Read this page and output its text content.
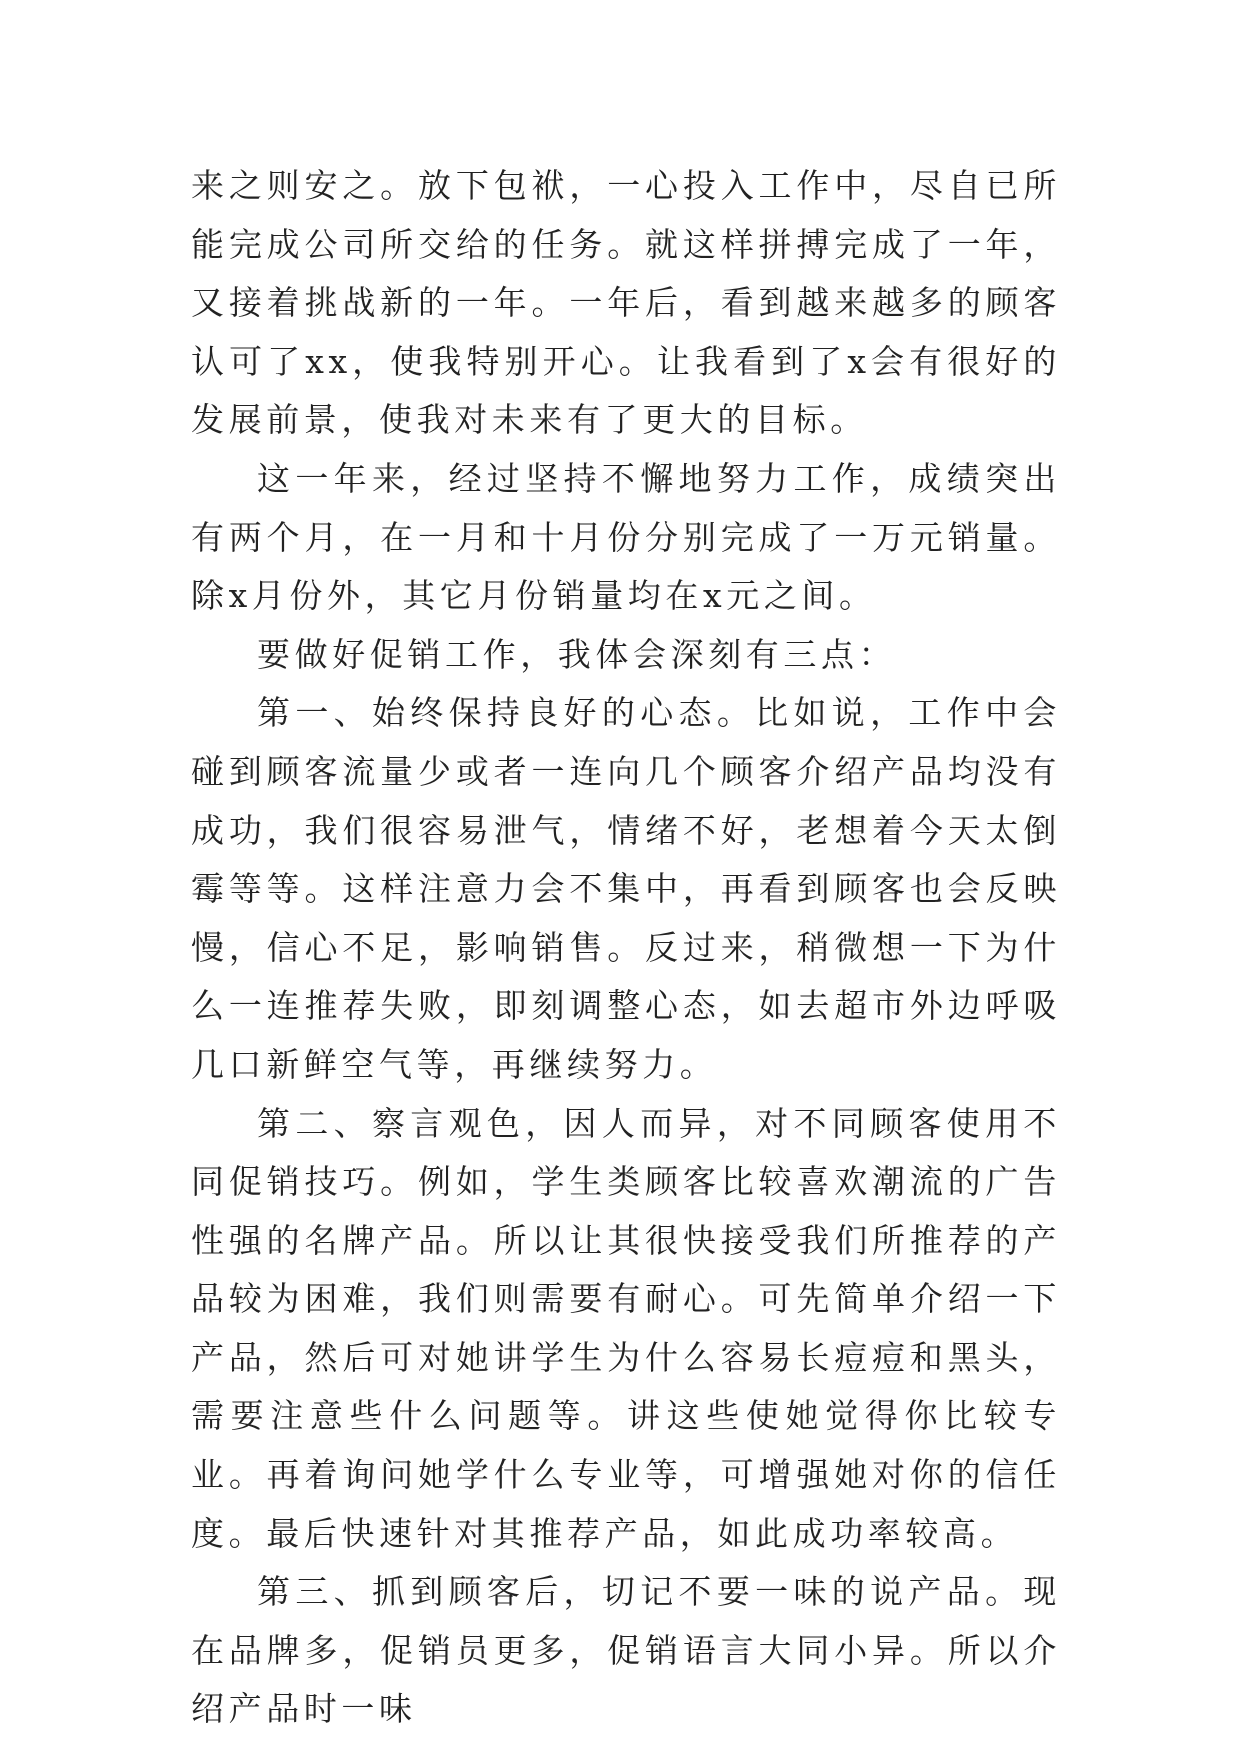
来之则安之。放下包袱，一心投入工作中，尽自已所能完成公司所交给的任务。就这样拼搏完成了一年，又接着挑战新的一年。一年后，看到越来越多的顾客认可了xx，使我特别开心。让我看到了x会有很好的发展前景，使我对未来有了更大的目标。

这一年来，经过坚持不懈地努力工作，成绩突出有两个月，在一月和十月份分别完成了一万元销量。除x月份外，其它月份销量均在x元之间。

要做好促销工作，我体会深刻有三点：

第一、始终保持良好的心态。比如说，工作中会碰到顾客流量少或者一连向几个顾客介绍产品均没有成功，我们很容易泄气，情绪不好，老想着今天太倒霉等等。这样注意力会不集中，再看到顾客也会反映慢，信心不足，影响销售。反过来，稍微想一下为什么一连推荐失败，即刻调整心态，如去超市外边呼吸几口新鲜空气等，再继续努力。

第二、察言观色，因人而异，对不同顾客使用不同促销技巧。例如，学生类顾客比较喜欢潮流的广告性强的名牌产品。所以让其很快接受我们所推荐的产品较为困难，我们则需要有耐心。可先简单介绍一下产品，然后可对她讲学生为什么容易长痘痘和黑头，需要注意些什么问题等。讲这些使她觉得你比较专业。再着询问她学什么专业等，可增强她对你的信任度。最后快速针对其推荐产品，如此成功率较高。

第三、抓到顾客后，切记不要一味的说产品。现在品牌多，促销员更多，促销语言大同小异。所以介绍产品时一味
